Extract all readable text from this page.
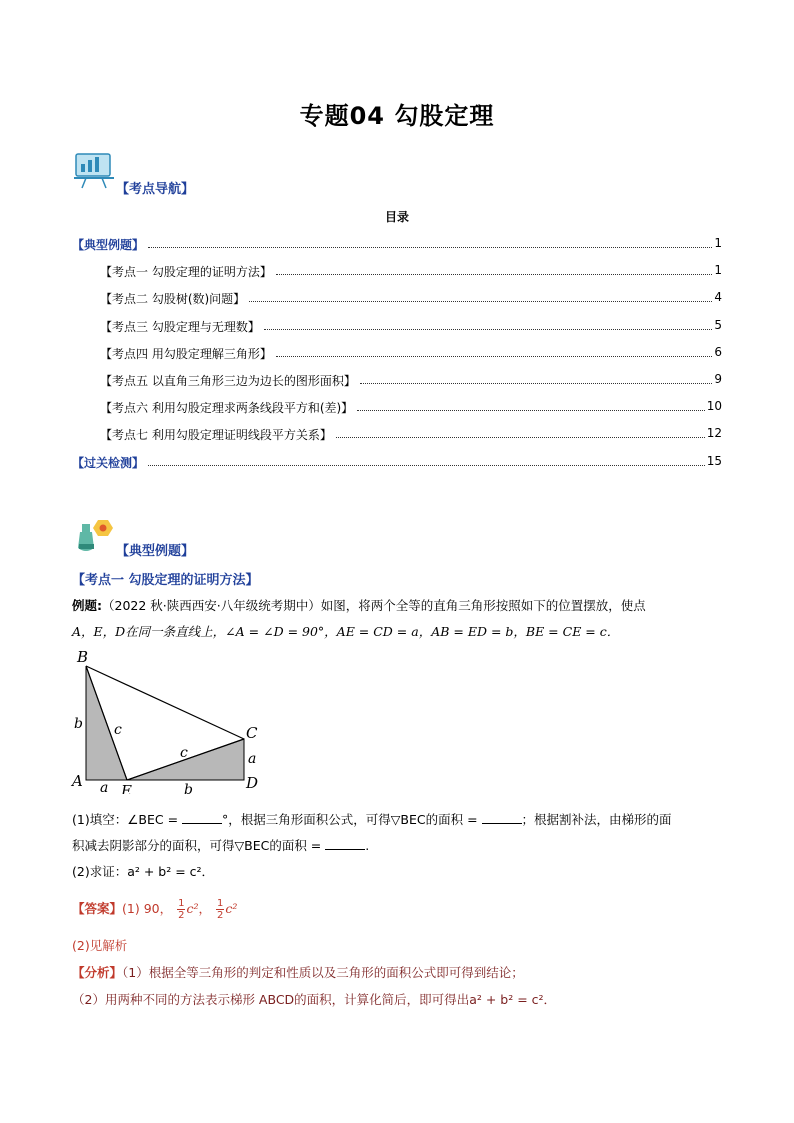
专题04 勾股定理
【考点导航】
目录
【典型例题】	1
【考点一 勾股定理的证明方法】	1
【考点二 勾股树(数)问题】	4
【考点三 勾股定理与无理数】	5
【考点四 用勾股定理解三角形】	6
【考点五 以直角三角形三边为边长的图形面积】	9
【考点六 利用勾股定理求两条线段平方和(差)】	10
【考点七 利用勾股定理证明线段平方关系】	12
【过关检测】	15
【典型例题】
【考点一 勾股定理的证明方法】
例题:（2022 秋·陕西西安·八年级统考期中）如图，将两个全等的直角三角形按照如下的位置摆放，使点
A，E，D在同一条直线上，∠A = ∠D = 90°，AE = CD = a，AB = ED = b，BE = CE = c．
B
A
E
C
D
b c
c
a	b
a
(1)填空：∠BEC =	°，根据三角形面积公式，可得▽BEC的面积 =	；根据割补法，由梯形的面
积减去阴影部分的面积，可得▽BEC的面积 =	.
(2)求证：a² + b² = c²．
【答案】(1) 90， $\frac{1}{2} c^2$， $\frac{1}{2} c^2$
(2)见解析
【分析】（1）根据全等三角形的判定和性质以及三角形的面积公式即可得到结论；
（2）用两种不同的方法表示梯形 ABCD的面积，计算化简后，即可得出a² + b² = c²．
